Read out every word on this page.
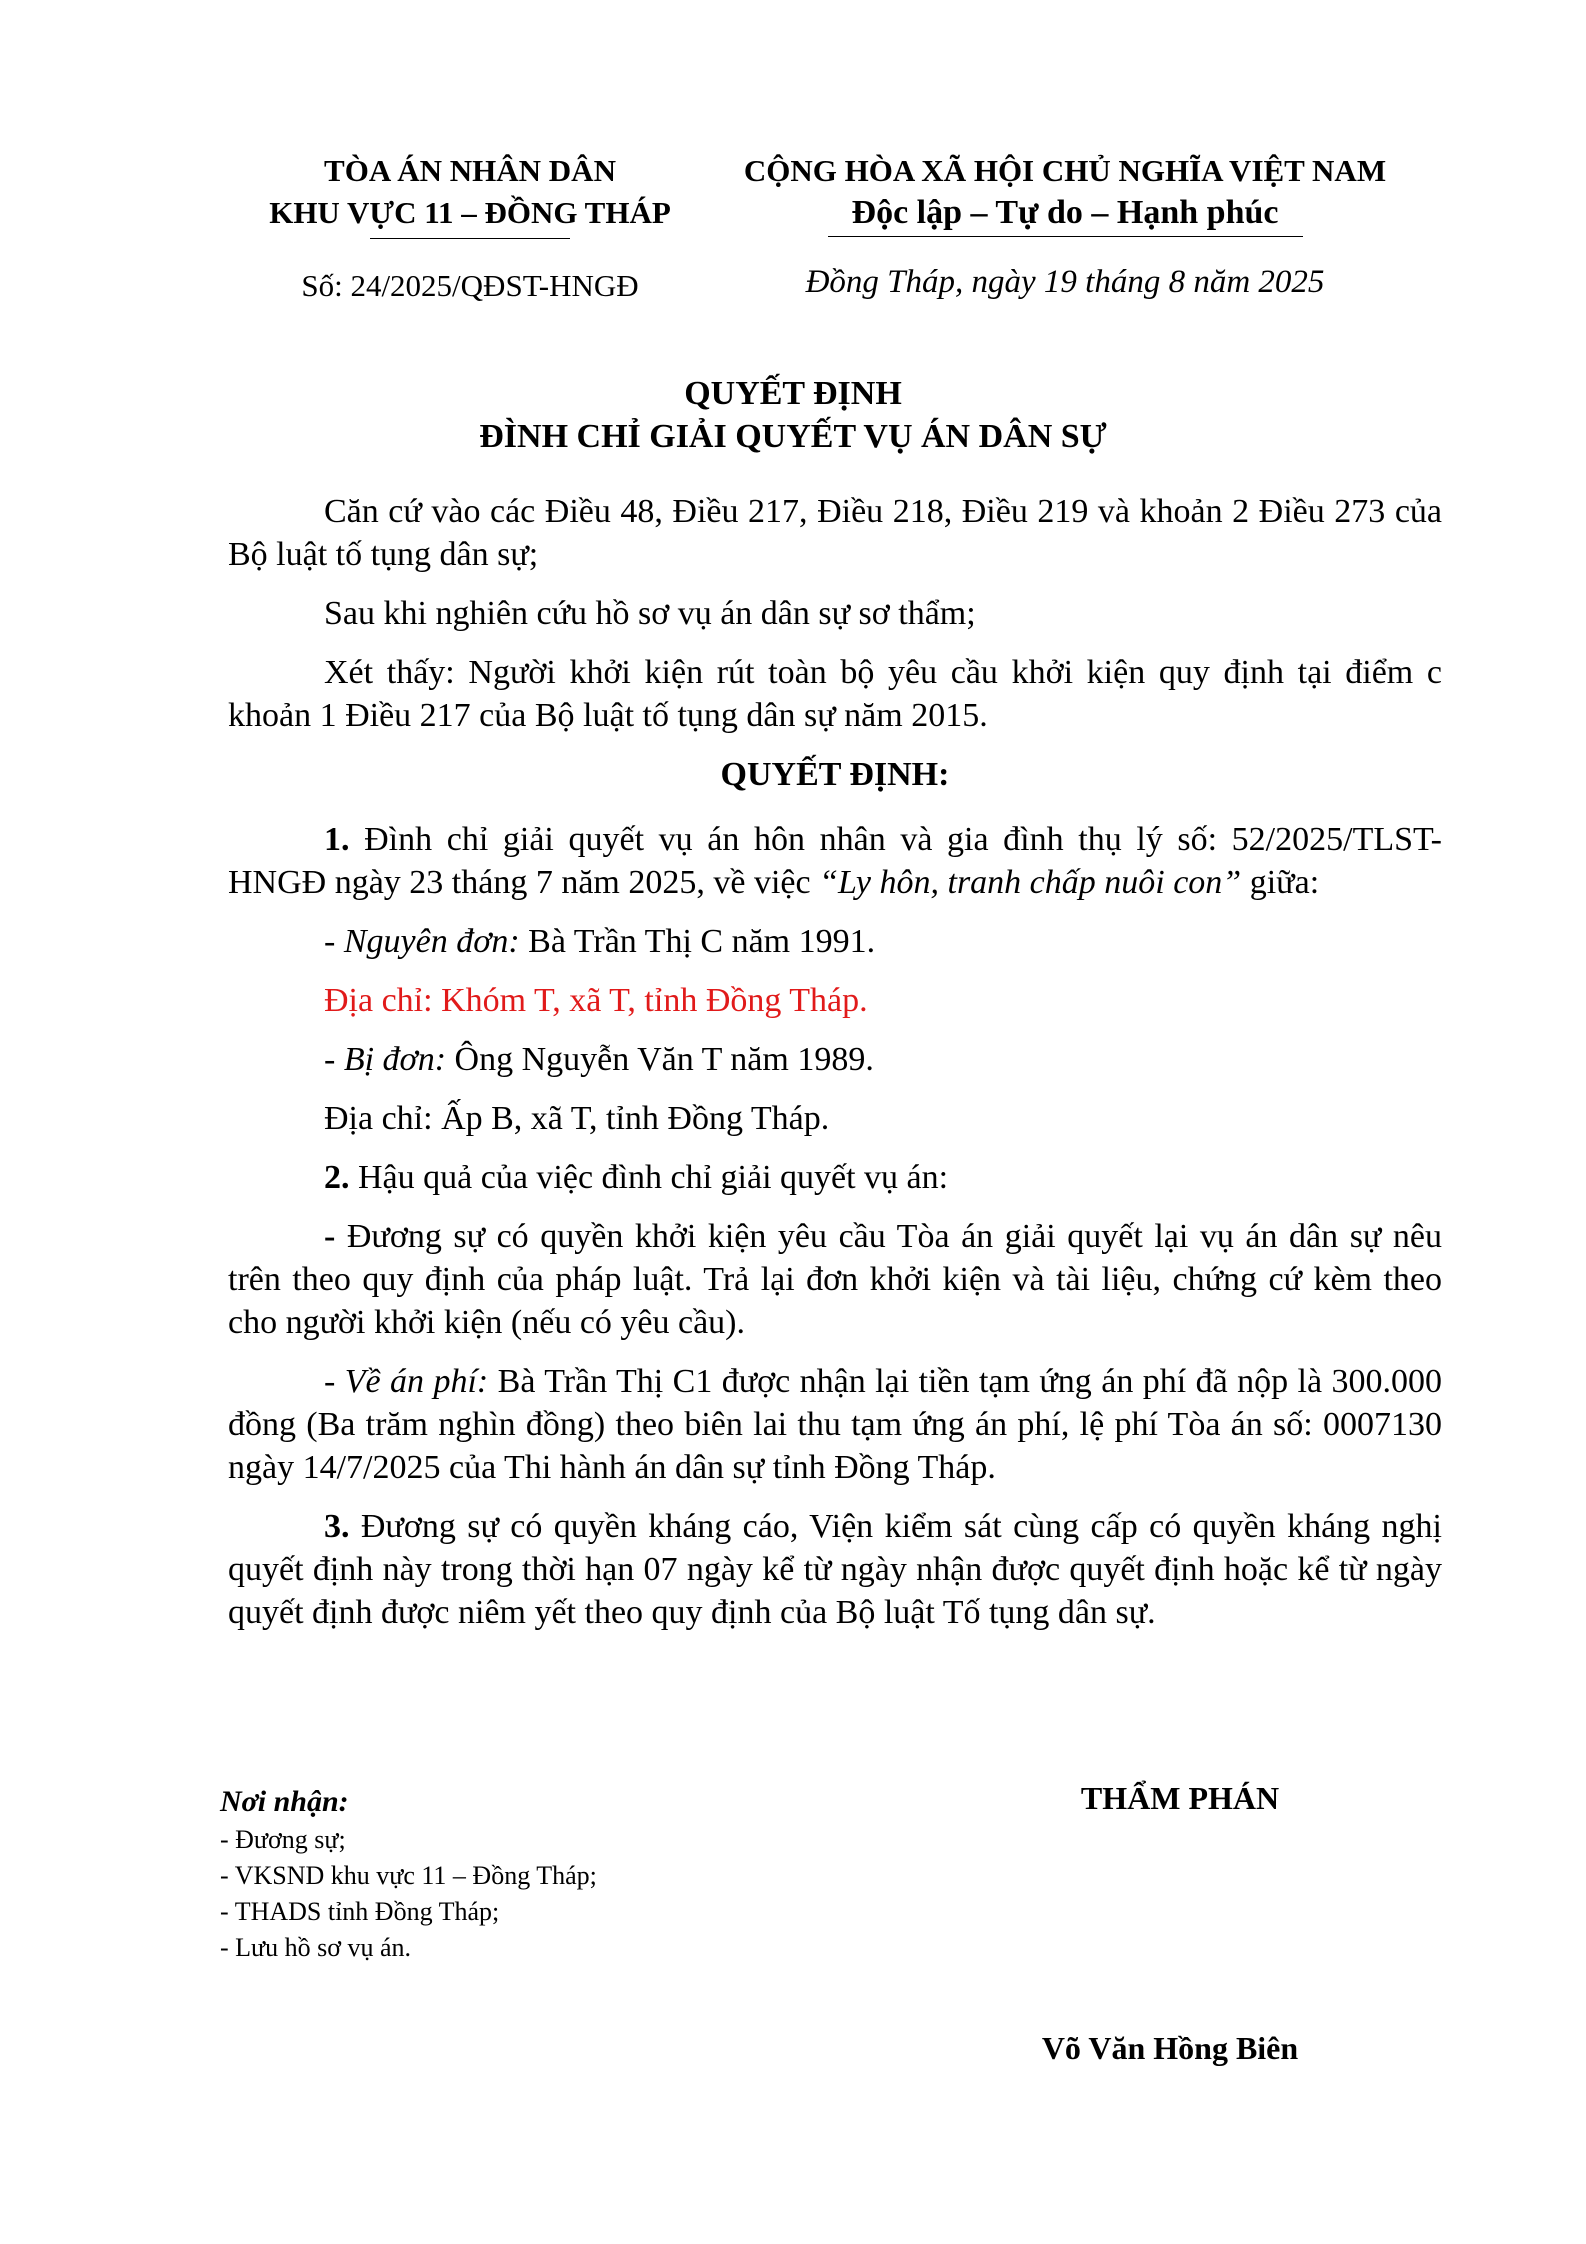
TÒA ÁN NHÂN DÂN
KHU VỰC 11 – ĐỒNG THÁP
CỘNG HÒA XÃ HỘI CHỦ NGHĨA VIỆT NAM
Độc lập – Tự do – Hạnh phúc
Số: 24/2025/QĐST-HNGĐ	Đồng Tháp, ngày 19 tháng 8 năm 2025
QUYẾT ĐỊNH
ĐÌNH CHỈ GIẢI QUYẾT VỤ ÁN DÂN SỰ

Căn cứ vào các Điều 48, Điều 217, Điều 218, Điều 219 và khoản 2 Điều 273 của Bộ luật tố tụng dân sự;

Sau khi nghiên cứu hồ sơ vụ án dân sự sơ thẩm;

Xét thấy: Người khởi kiện rút toàn bộ yêu cầu khởi kiện quy định tại điểm c khoản 1 Điều 217 của Bộ luật tố tụng dân sự năm 2015.

QUYẾT ĐỊNH:

1. Đình chỉ giải quyết vụ án hôn nhân và gia đình thụ lý số: 52/2025/TLST-HNGĐ ngày 23 tháng 7 năm 2025, về việc “Ly hôn, tranh chấp nuôi con” giữa:

- Nguyên đơn: Bà Trần Thị C năm 1991.

Địa chỉ: Khóm T, xã T, tỉnh Đồng Tháp.

- Bị đơn: Ông Nguyễn Văn T năm 1989.

Địa chỉ: Ấp B, xã T, tỉnh Đồng Tháp.

2. Hậu quả của việc đình chỉ giải quyết vụ án:

- Đương sự có quyền khởi kiện yêu cầu Tòa án giải quyết lại vụ án dân sự nêu trên theo quy định của pháp luật. Trả lại đơn khởi kiện và tài liệu, chứng cứ kèm theo cho người khởi kiện (nếu có yêu cầu).

- Về án phí: Bà Trần Thị C1 được nhận lại tiền tạm ứng án phí đã nộp là 300.000 đồng (Ba trăm nghìn đồng) theo biên lai thu tạm ứng án phí, lệ phí Tòa án số: 0007130 ngày 14/7/2025 của Thi hành án dân sự tỉnh Đồng Tháp.

3. Đương sự có quyền kháng cáo, Viện kiểm sát cùng cấp có quyền kháng nghị quyết định này trong thời hạn 07 ngày kể từ ngày nhận được quyết định hoặc kể từ ngày quyết định được niêm yết theo quy định của Bộ luật Tố tụng dân sự.

Nơi nhận:
- Đương sự;
- VKSND khu vực 11 – Đồng Tháp;
- THADS tỉnh Đồng Tháp;
- Lưu hồ sơ vụ án.
THẨM PHÁN
Võ Văn Hồng Biên
